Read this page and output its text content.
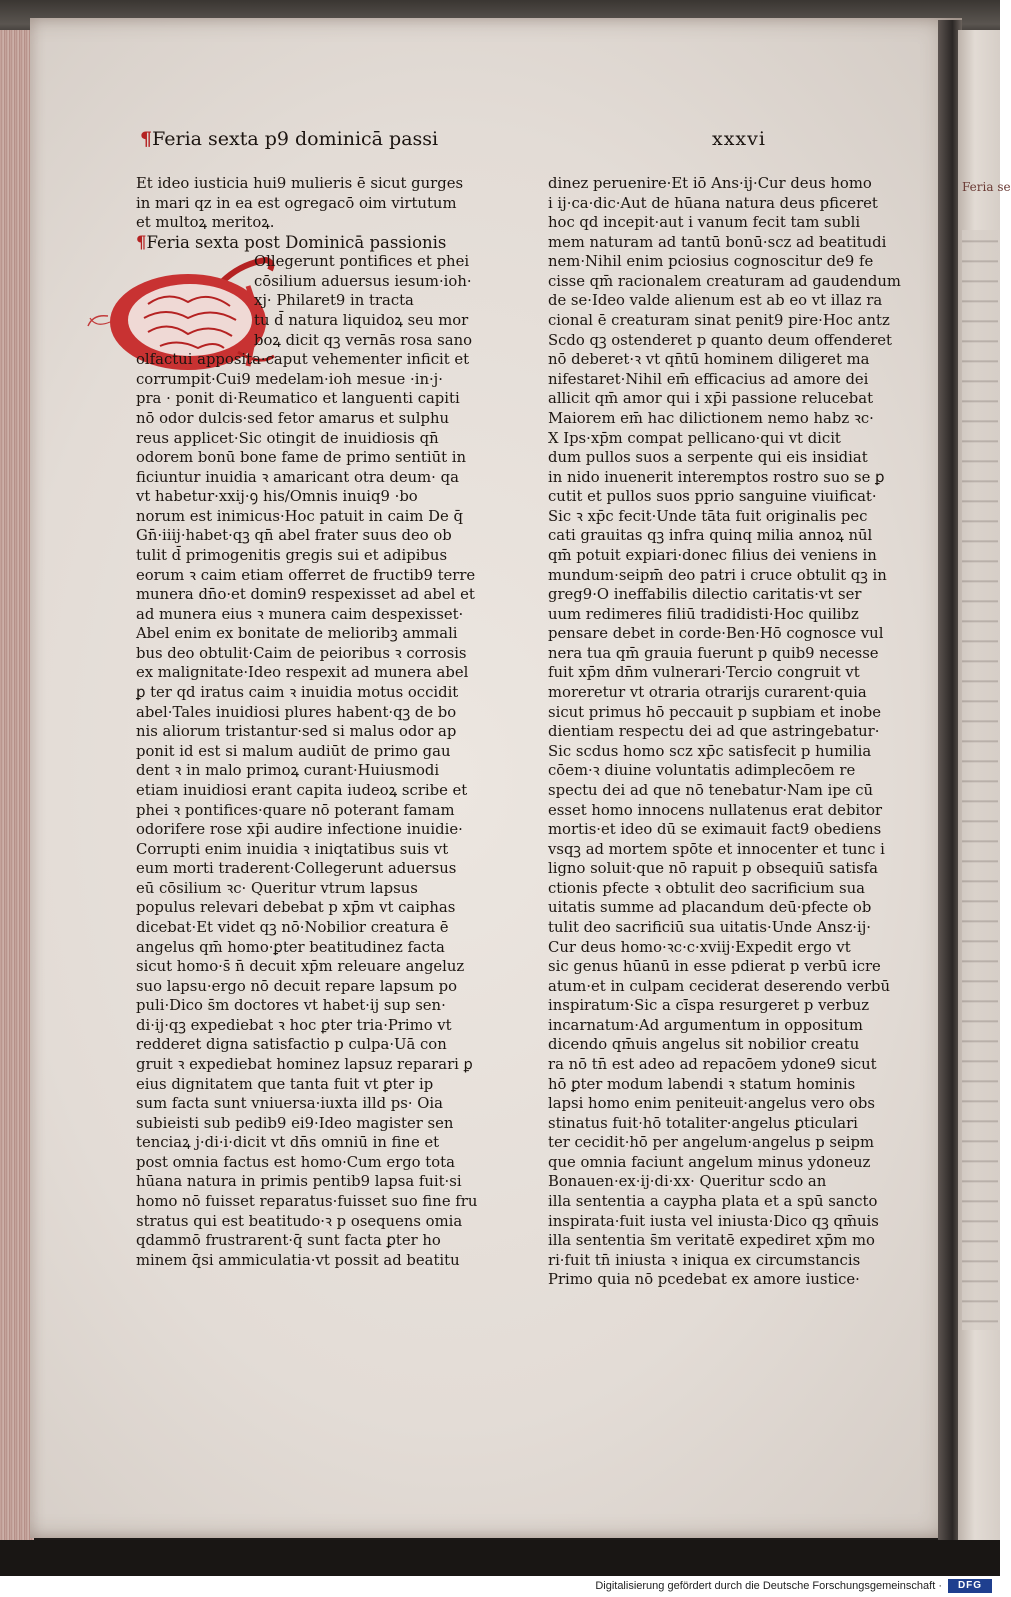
¶Feria sexta p9 dominicā passi	xxxvi
Et ideo iusticia hui9 mulieris ē sicut gurges
in mari qz in ea est ogregacō oim virtutum
et multoꝝ meritoꝝ.
¶Feria sexta post Dominicā passionis
Ollegerunt pontifices et phei
cōsilium aduersus iesum·ioh·
xj· Philaret9 in tracta
tu d̄ natura liquidoꝝ seu mor
boꝝ dicit qꝫ vernās rosa sano
olfactui apposita·caput vehementer inficit et
corrumpit·Cui9 medelam·ioh mesue ·in·j·
pra · ponit di·Reumatico et languenti capiti
nō odor dulcis·sed fetor amarus et sulphu
reus applicet·Sic otingit de inuidiosis qn̄
odorem bonū bone fame de primo sentiūt in
ficiuntur inuidia ꝛ amaricant otra deum· qa
vt habetur·xxij·ꝯ his/Omnis inuiq9 ·bo
norum est inimicus·Hoc patuit in caim De q̄
Gn̄·iiij·habet·qꝫ qn̄ abel frater suus deo ob
tulit d̄ primogenitis gregis sui et adipibus
eorum ꝛ caim etiam offerret de fructib9 terre
munera dn̄o·et domin9 respexisset ad abel et
ad munera eius ꝛ munera caim despexisset·
Abel enim ex bonitate de melioribꝫ ammali
bus deo obtulit·Caim de peioribus ꝛ corrosis
ex malignitate·Ideo respexit ad munera abel
ꝑ ter qd iratus caim ꝛ inuidia motus occidit
abel·Tales inuidiosi plures habent·qꝫ de bo
nis aliorum tristantur·sed si malus odor ap
ponit id est si malum audiūt de primo gau
dent ꝛ in malo primoꝝ curant·Huiusmodi
etiam inuidiosi erant capita iudeoꝝ scribe et
phei ꝛ pontifices·quare nō poterant famam
odorifere rose xp̄i audire infectione inuidie·
Corrupti enim inuidia ꝛ iniqtatibus suis vt
eum morti traderent·Collegerunt aduersus
eū cōsilium ꝛc· Queritur vtrum lapsus
populus relevari debebat p xp̄m vt caiphas
dicebat·Et videt qꝫ nō·Nobilior creatura ē
angelus qm̄ homo·ꝑter beatitudinez facta
sicut homo·s̄ n̄ decuit xp̄m releuare angeluz
suo lapsu·ergo nō decuit repare lapsum po
puli·Dico s̄m doctores vt habet·ij sup sen·
di·ij·qꝫ expediebat ꝛ hoc ꝑter tria·Primo vt
redderet digna satisfactio p culpa·Uā con
gruit ꝛ expediebat hominez lapsuz reparari ꝑ
eius dignitatem que tanta fuit vt ꝑter ip
sum facta sunt vniuersa·iuxta illd ps· Oia
subieisti sub pedib9 ei9·Ideo magister sen
tenciaꝝ j·di·i·dicit vt dn̄s omniū in fine et
post omnia factus est homo·Cum ergo tota
hūana natura in primis pentib9 lapsa fuit·si
homo nō fuisset reparatus·fuisset suo fine fru
stratus qui est beatitudo·ꝛ p osequens omia
qdammō frustrarent·q̄ sunt facta ꝑter ho
minem q̄si ammiculatia·vt possit ad beatitu
dinez peruenire·Et iō Ans·ij·Cur deus homo
i ij·ca·dic·Aut de hūana natura deus pficeret
hoc qd incepit·aut i vanum fecit tam subli
mem naturam ad tantū bonū·scz ad beatitudi
nem·Nihil enim pciosius cognoscitur de9 fe
cisse qm̄ racionalem creaturam ad gaudendum
de se·Ideo valde alienum est ab eo vt illaz ra
cional ē creaturam sinat penit9 pire·Hoc antz
Scdo qꝫ ostenderet p quanto deum offenderet
nō deberet·ꝛ vt qn̄tū hominem diligeret ma
nifestaret·Nihil em̄ efficacius ad amore dei
allicit qm̄ amor qui i xp̄i passione relucebat
Maiorem em̄ hac dilictionem nemo habz ꝛc·
X Ips·xp̄m compat pellicano·qui vt dicit
dum pullos suos a serpente qui eis insidiat
in nido inuenerit interemptos rostro suo se ꝑ
cutit et pullos suos pprio sanguine viuificat·
Sic ꝛ xp̄c fecit·Unde tāta fuit originalis pec
cati grauitas qꝫ infra quinq milia annoꝝ nūl
qm̄ potuit expiari·donec filius dei veniens in
mundum·seipm̄ deo patri i cruce obtulit qꝫ in
greg9·O ineffabilis dilectio caritatis·vt ser
uum redimeres filiū tradidisti·Hoc quilibz
pensare debet in corde·Ben·Hō cognosce vul
nera tua qm̄ grauia fuerunt p quib9 necesse
fuit xp̄m dn̄m vulnerari·Tercio congruit vt
moreretur vt otraria otrarijs curarent·quia
sicut primus hō peccauit p supbiam et inobe
dientiam respectu dei ad que astringebatur·
Sic scdus homo scz xp̄c satisfecit p humilia
cōem·ꝛ diuine voluntatis adimplecōem re
spectu dei ad que nō tenebatur·Nam ipe cū
esset homo innocens nullatenus erat debitor
mortis·et ideo dū se eximauit fact9 obediens
vsqꝫ ad mortem spōte et innocenter et tunc i
ligno soluit·que nō rapuit p obsequiū satisfa
ctionis pfecte ꝛ obtulit deo sacrificium sua
uitatis summe ad placandum deū·pfecte ob
tulit deo sacrificiū sua uitatis·Unde Ansz·ij·
Cur deus homo·ꝛc·c·xviij·Expedit ergo vt
sic genus hūanū in esse pdierat p verbū icre
atum·et in culpam ceciderat deserendo verbū
inspiratum·Sic a cīspa resurgeret p verbuz
incarnatum·Ad argumentum in oppositum
dicendo qm̄uis angelus sit nobilior creatu
ra nō tn̄ est adeo ad repacōem ydone9 sicut
hō ꝑter modum labendi ꝛ statum hominis
lapsi homo enim peniteuit·angelus vero obs
stinatus fuit·hō totaliter·angelus ꝑticulari
ter cecidit·hō per angelum·angelus p seipm
que omnia faciunt angelum minus ydoneuz
Bonauen·ex·ij·di·xx· Queritur scdo an
illa sententia a caypha plata et a spū sancto
inspirata·fuit iusta vel iniusta·Dico qꝫ qm̄uis
illa sententia s̄m veritatē expediret xp̄m mo
ri·fuit tn̄ iniusta ꝛ iniqua ex circumstancis
Primo quia nō pcedebat ex amore iustice·
Feria se
Digitalisierung gefördert durch die Deutsche Forschungsgemeinschaft ·	DFG
